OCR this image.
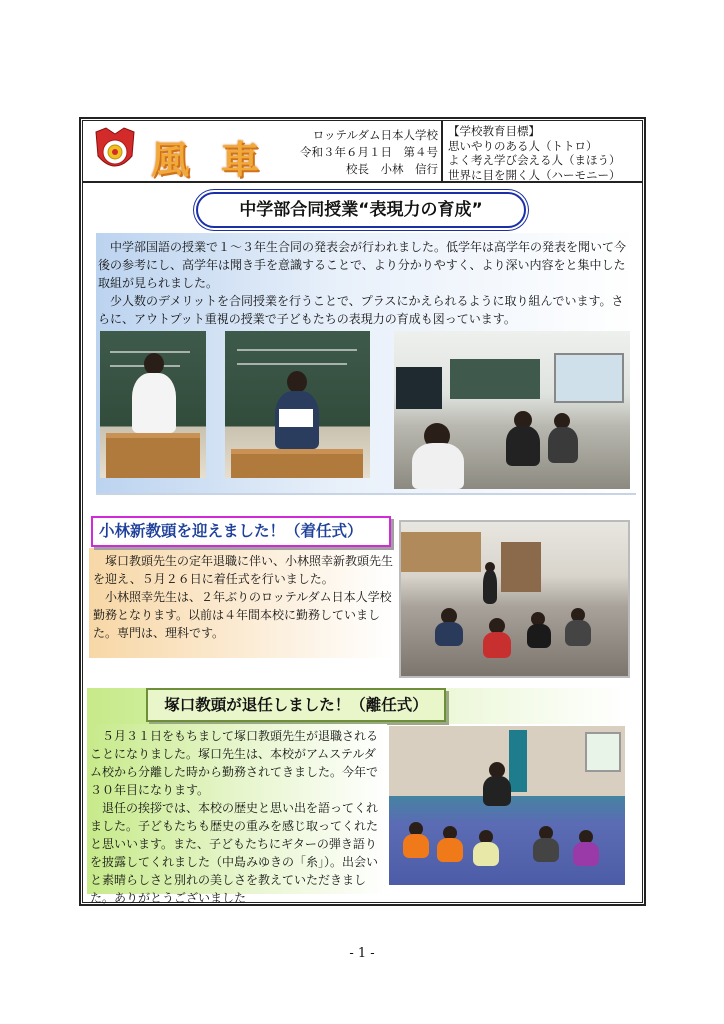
風 車
ロッテルダム日本人学校
令和３年６月１日　第４号
校長　小林　信行
【学校教育目標】
思いやりのある人（トトロ）
よく考え学び会える人（まほう）
世界に目を開く人（ハーモニー）
中学部合同授業“表現力の育成”

中学部国語の授業で１～３年生合同の発表会が行われました。低学年は高学年の発表を聞いて今後の参考にし、高学年は聞き手を意識することで、より分かりやすく、より深い内容をと集中した取組が見られました。

少人数のデメリットを合同授業を行うことで、プラスにかえられるように取り組んでいます。さらに、アウトプット重視の授業で子どもたちの表現力の育成も図っています。

小林新教頭を迎えました！（着任式）

塚口教頭先生の定年退職に伴い、小林照幸新教頭先生を迎え、５月２６日に着任式を行いました。

小林照幸先生は、２年ぶりのロッテルダム日本人学校勤務となります。以前は４年間本校に勤務していました。専門は、理科です。

塚口教頭が退任しました！（離任式）

５月３１日をもちまして塚口教頭先生が退職されることになりました。塚口先生は、本校がアムステルダム校から分離した時から勤務されてきました。今年で３０年目になります。

退任の挨拶では、本校の歴史と思い出を語ってくれました。子どもたちも歴史の重みを感じ取ってくれたと思いいます。また、子どもたちにギターの弾き語りを披露してくれました（中島みゆきの「糸」）。出会いと素晴らしさと別れの美しさを教えていただきました。ありがとうございました

- 1 -
